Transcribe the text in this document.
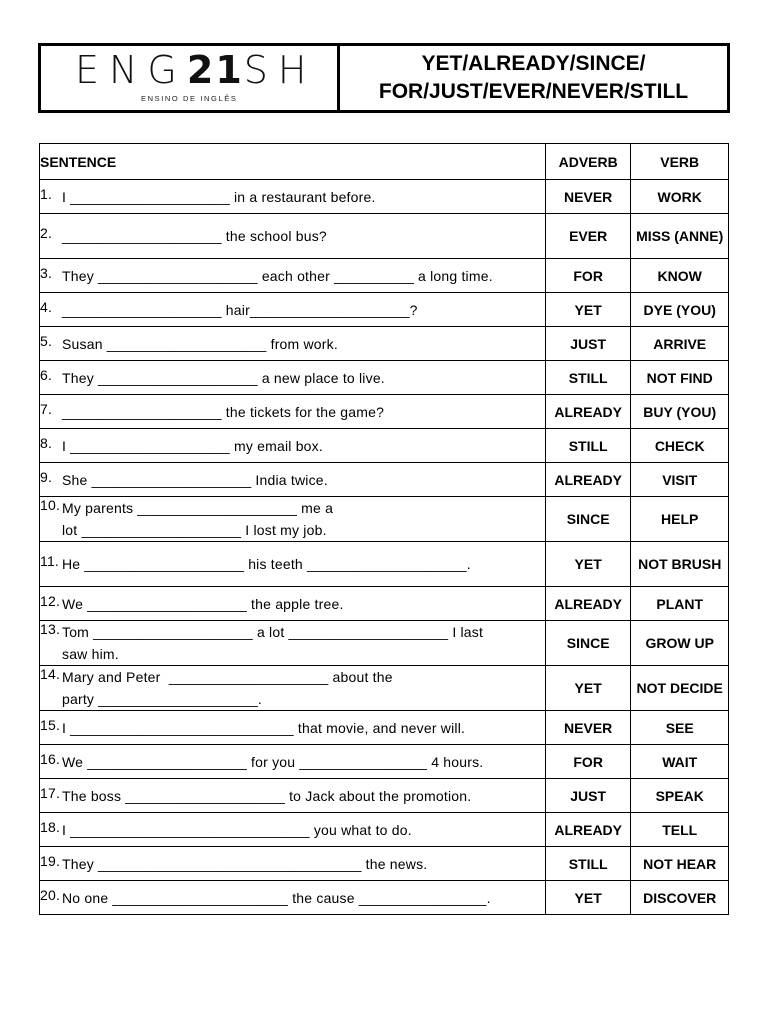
ENG21SH
ENSINO DE INGLÊS
YET/ALREADY/SINCE/
FOR/JUST/EVER/NEVER/STILL
SENTENCE	ADVERB	VERB

1. I ____________________ in a restaurant before.	NEVER	WORK

2. ____________________ the school bus?	EVER	MISS (ANNE)

3. They ____________________ each other __________ a long time.	FOR	KNOW

4. ____________________ hair____________________?	YET	DYE (YOU)

5. Susan ____________________ from work.	JUST	ARRIVE

6. They ____________________ a new place to live.	STILL	NOT FIND

7. ____________________ the tickets for the game?	ALREADY	BUY (YOU)

8. I ____________________ my email box.	STILL	CHECK

9. She ____________________ India twice.	ALREADY	VISIT

10. My parents ____________________ me a
lot ____________________ I lost my job.	SINCE	HELP

11. He ____________________ his teeth ____________________.	YET	NOT BRUSH

12. We ____________________ the apple tree.	ALREADY	PLANT

13. Tom ____________________ a lot ____________________ I last
saw him.	SINCE	GROW UP

14. Mary and Peter  ____________________ about the
party ____________________.	YET	NOT DECIDE

15. I ____________________________ that movie, and never will.	NEVER	SEE

16. We ____________________ for you ________________ 4 hours.	FOR	WAIT

17. The boss ____________________ to Jack about the promotion.	JUST	SPEAK

18. I ______________________________ you what to do.	ALREADY	TELL

19. They _________________________________ the news.	STILL	NOT HEAR

20. No one ______________________ the cause ________________.	YET	DISCOVER
